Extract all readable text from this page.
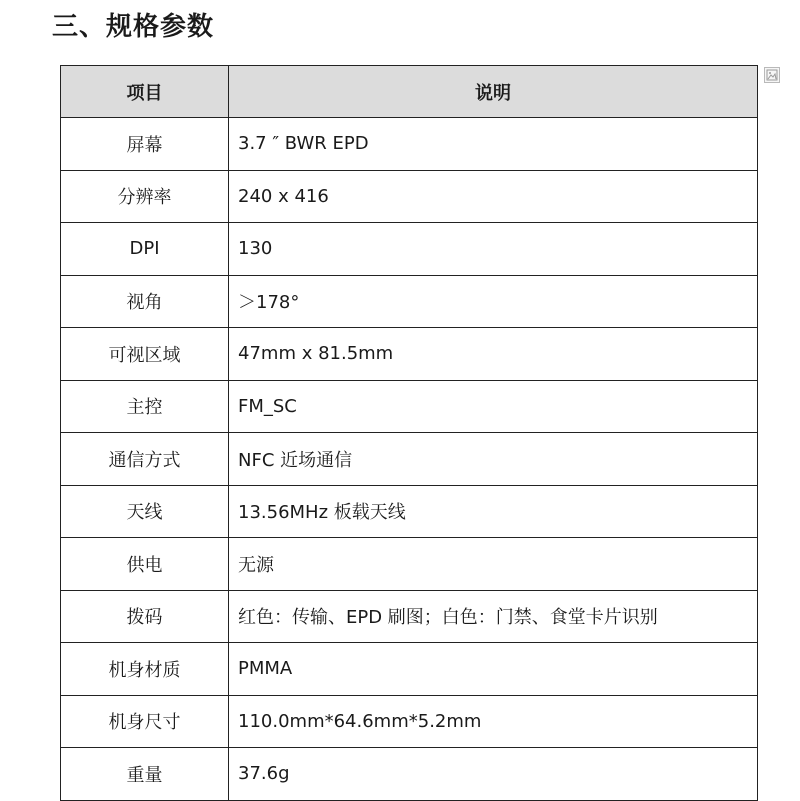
三、规格参数
项目	说明
屏幕	3.7 ″ BWR EPD
分辨率	240 x 416
DPI	130
视角	＞178°
可视区域	47mm x 81.5mm
主控	FM_SC
通信方式	NFC 近场通信
天线	13.56MHz 板载天线
供电	无源
拨码	红色：传输、EPD 刷图；白色：门禁、食堂卡片识别
机身材质	PMMA
机身尺寸	110.0mm*64.6mm*5.2mm
重量	37.6g
